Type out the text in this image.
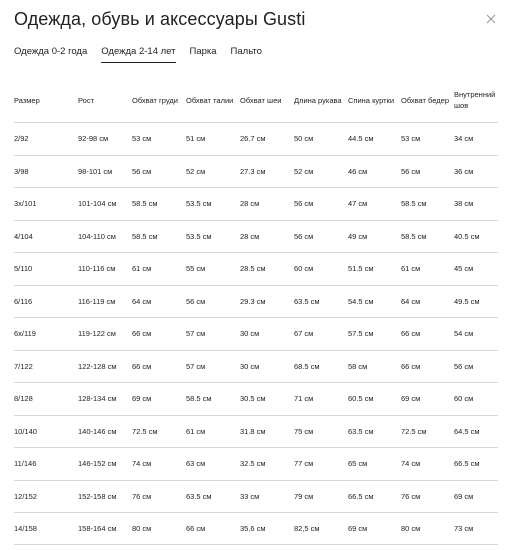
Одежда, обувь и аксессуары Gusti
Одежда 0-2 года Одежда 2-14 лет Парка Пальто
Размер	Рост	Обхват груди	Обхват талии	Обхват шеи	Длина рукава	Спина куртки	Обхват бедер	Внутренний шов
2/92	92-98 см	53 см	51 см	26.7 см	50 см	44.5 см	53 см	34 см
3/98	98-101 см	56 см	52 см	27.3 см	52 см	46 см	56 см	36 см
3x/101	101-104 см	58.5 см	53.5 см	28 см	56 см	47 см	58.5 см	38 см
4/104	104-110 см	58.5 см	53.5 см	28 см	56 см	49 см	58.5 см	40.5 см
5/110	110-116 см	61 см	55 см	28.5 см	60 см	51.5 см	61 см	45 см
6/116	116-119 см	64 см	56 см	29.3 см	63.5 см	54.5 см	64 см	49.5 см
6x/119	119-122 см	66 см	57 см	30 см	67 см	57.5 см	66 см	54 см
7/122	122-128 см	66 см	57 см	30 см	68.5 см	58 см	66 см	56 см
8/128	128-134 см	69 см	58.5 см	30.5 см	71 см	60.5 см	69 см	60 см
10/140	140-146 см	72.5 см	61 см	31.8 см	75 см	63.5 см	72.5 см	64.5 см
11/146	146-152 см	74 см	63 см	32.5 см	77 см	65 см	74 см	66.5 см
12/152	152-158 см	76 см	63.5 см	33 см	79 см	66.5 см	76 см	69 см
14/158	158-164 см	80 см	66 см	35.6 см	82,5 см	69 см	80 см	73 см
